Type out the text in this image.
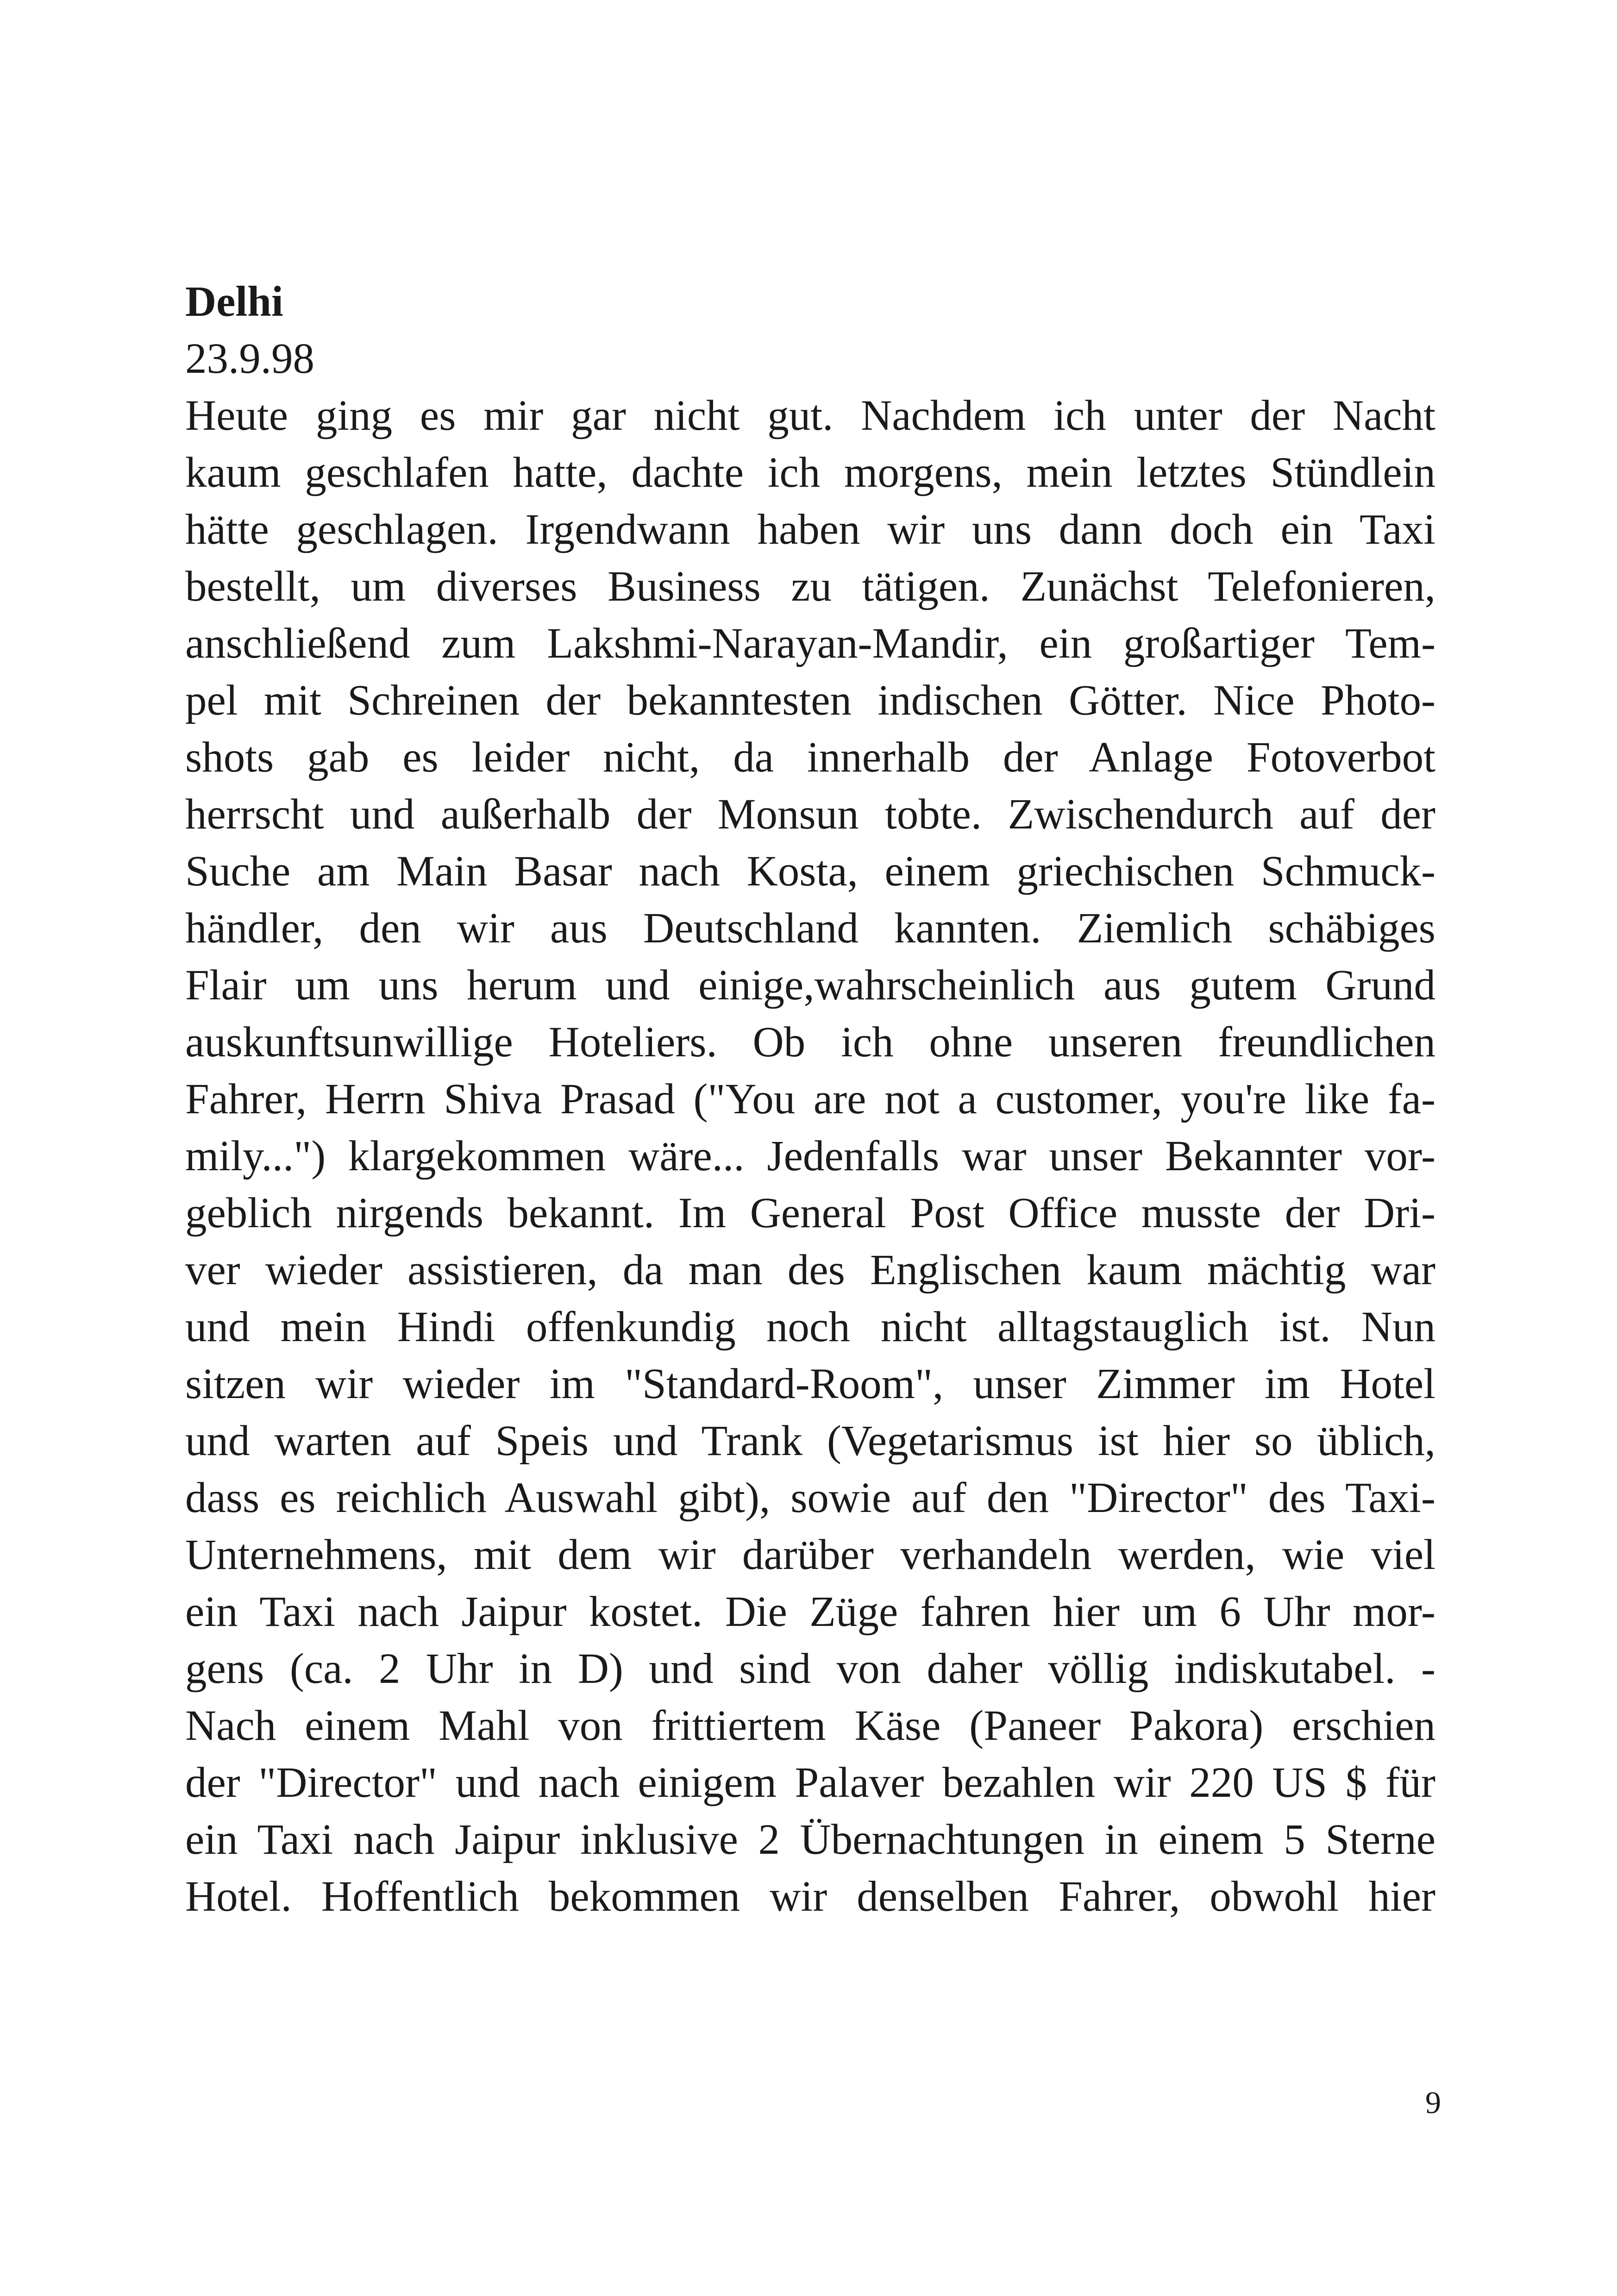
Delhi
23.9.98
Heute ging es mir gar nicht gut. Nachdem ich unter der Nacht
kaum geschlafen hatte, dachte ich morgens, mein letztes Stündlein
hätte geschlagen. Irgendwann haben wir uns dann doch ein Taxi
bestellt, um diverses Business zu tätigen. Zunächst Telefonieren,
anschließend zum Lakshmi-Narayan-Mandir, ein großartiger Tem-
pel mit Schreinen der bekanntesten indischen Götter. Nice Photo-
shots gab es leider nicht, da innerhalb der Anlage Fotoverbot
herrscht und außerhalb der Monsun tobte. Zwischendurch auf der
Suche am Main Basar nach Kosta, einem griechischen Schmuck-
händler, den wir aus Deutschland kannten. Ziemlich schäbiges
Flair um uns herum und einige,wahrscheinlich aus gutem Grund
auskunftsunwillige Hoteliers. Ob ich ohne unseren freundlichen
Fahrer, Herrn Shiva Prasad ("You are not a customer, you're like fa-
mily...") klargekommen wäre... Jedenfalls war unser Bekannter vor-
geblich nirgends bekannt. Im General Post Office musste der Dri-
ver wieder assistieren, da man des Englischen kaum mächtig war
und mein Hindi offenkundig noch nicht alltagstauglich ist. Nun
sitzen wir wieder im "Standard-Room", unser Zimmer im Hotel
und warten auf Speis und Trank (Vegetarismus ist hier so üblich,
dass es reichlich Auswahl gibt), sowie auf den "Director" des Taxi-
Unternehmens, mit dem wir darüber verhandeln werden, wie viel
ein Taxi nach Jaipur kostet. Die Züge fahren hier um 6 Uhr mor-
gens (ca. 2 Uhr in D) und sind von daher völlig indiskutabel. -
Nach einem Mahl von frittiertem Käse (Paneer Pakora) erschien
der "Director" und nach einigem Palaver bezahlen wir 220 US $ für
ein Taxi nach Jaipur inklusive 2 Übernachtungen in einem 5 Sterne
Hotel. Hoffentlich bekommen wir denselben Fahrer, obwohl hier
9
